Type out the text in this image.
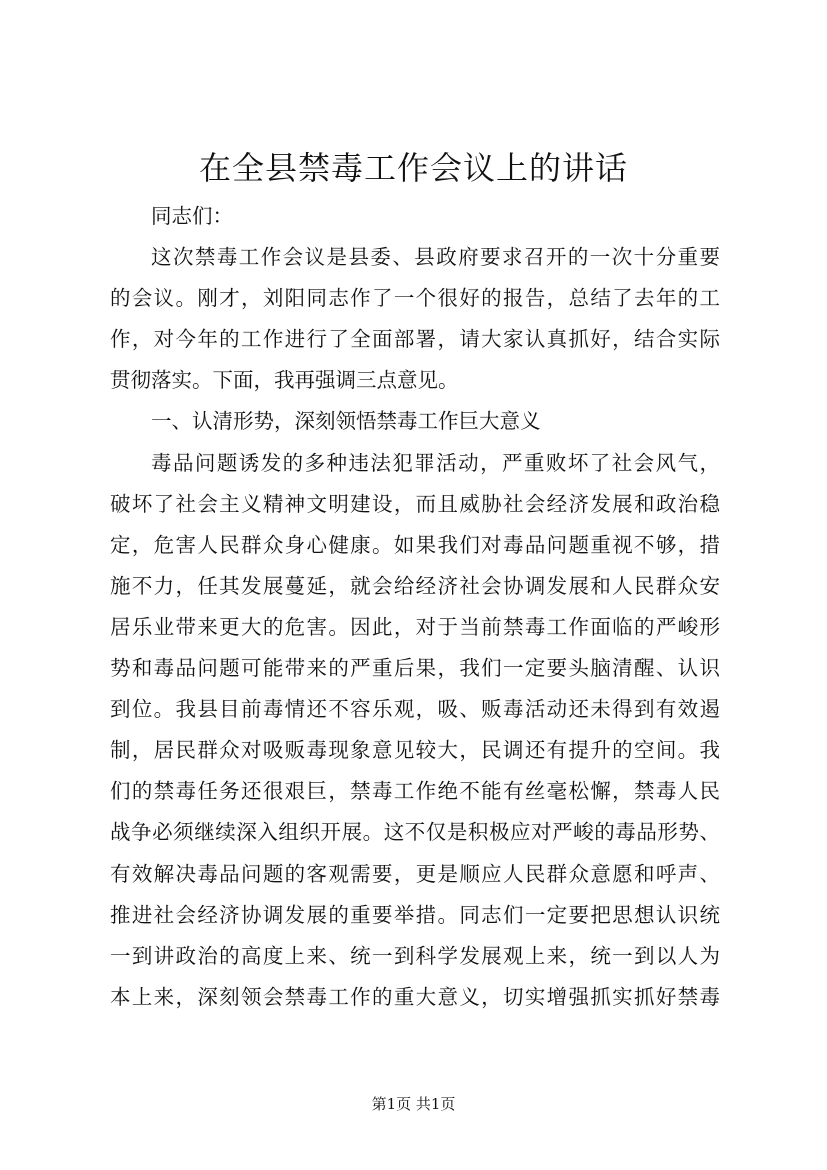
在全县禁毒工作会议上的讲话
同志们：
这次禁毒工作会议是县委、县政府要求召开的一次十分重要
的会议。刚才，刘阳同志作了一个很好的报告，总结了去年的工
作，对今年的工作进行了全面部署，请大家认真抓好，结合实际
贯彻落实。下面，我再强调三点意见。
一、认清形势，深刻领悟禁毒工作巨大意义
毒品问题诱发的多种违法犯罪活动，严重败坏了社会风气，
破坏了社会主义精神文明建设，而且威胁社会经济发展和政治稳
定，危害人民群众身心健康。如果我们对毒品问题重视不够，措
施不力，任其发展蔓延，就会给经济社会协调发展和人民群众安
居乐业带来更大的危害。因此，对于当前禁毒工作面临的严峻形
势和毒品问题可能带来的严重后果，我们一定要头脑清醒、认识
到位。我县目前毒情还不容乐观，吸、贩毒活动还未得到有效遏
制，居民群众对吸贩毒现象意见较大，民调还有提升的空间。我
们的禁毒任务还很艰巨，禁毒工作绝不能有丝毫松懈，禁毒人民
战争必须继续深入组织开展。这不仅是积极应对严峻的毒品形势、
有效解决毒品问题的客观需要，更是顺应人民群众意愿和呼声、
推进社会经济协调发展的重要举措。同志们一定要把思想认识统
一到讲政治的高度上来、统一到科学发展观上来，统一到以人为
本上来，深刻领会禁毒工作的重大意义，切实增强抓实抓好禁毒
第1页 共1页
